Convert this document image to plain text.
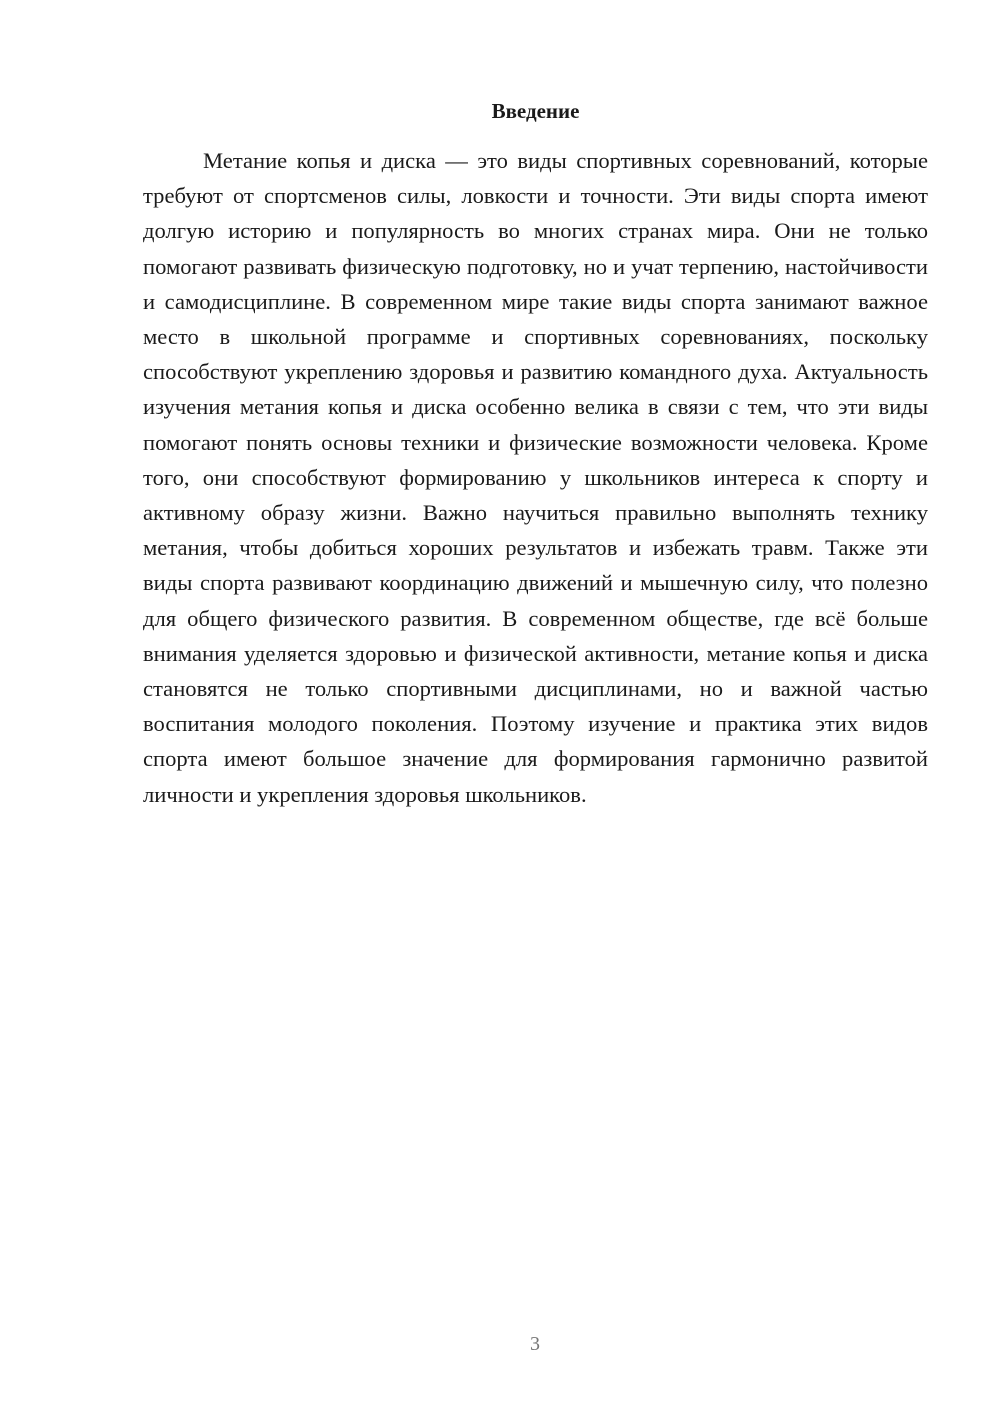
Введение

Метание копья и диска — это виды спортивных соревнований, которые требуют от спортсменов силы, ловкости и точности. Эти виды спорта имеют долгую историю и популярность во многих странах мира. Они не только помогают развивать физическую подготовку, но и учат терпению, настойчивости и самодисциплине. В современном мире такие виды спорта занимают важное место в школьной программе и спортивных соревнованиях, поскольку способствуют укреплению здоровья и развитию командного духа. Актуальность изучения метания копья и диска особенно велика в связи с тем, что эти виды помогают понять основы техники и физические возможности человека. Кроме того, они способствуют формированию у школьников интереса к спорту и активному образу жизни. Важно научиться правильно выполнять технику метания, чтобы добиться хороших результатов и избежать травм. Также эти виды спорта развивают координацию движений и мышечную силу, что полезно для общего физического развития. В современном обществе, где всё больше внимания уделяется здоровью и физической активности, метание копья и диска становятся не только спортивными дисциплинами, но и важной частью воспитания молодого поколения. Поэтому изучение и практика этих видов спорта имеют большое значение для формирования гармонично развитой личности и укрепления здоровья школьников.

3
